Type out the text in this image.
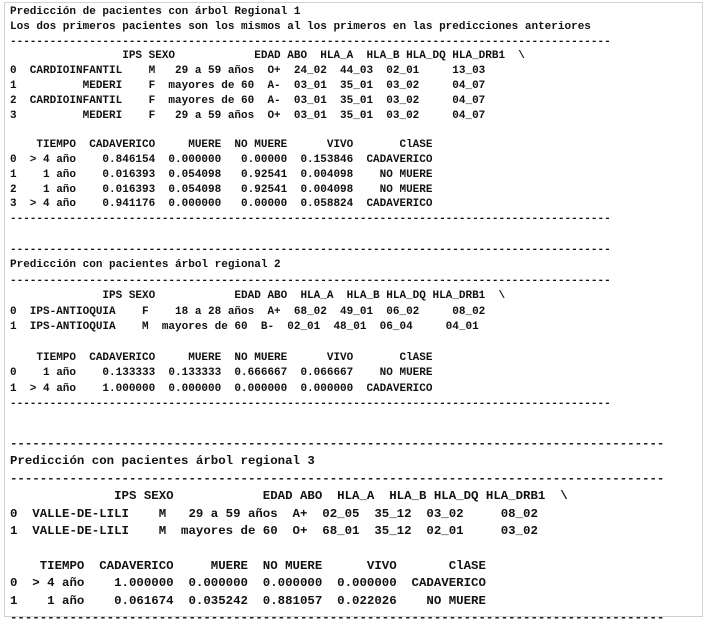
Predicción de pacientes con árbol Regional 1
Los dos primeros pacientes son los mismos al los primeros en las predicciones anteriores
-------------------------------------------------------------------------------------------
IPS SEXO            EDAD ABO  HLA_A  HLA_B HLA_DQ HLA_DRB1  \
0  CARDIOINFANTIL    M   29 a 59 años  O+  24_02  44_03  02_01     13_03
1          MEDERI    F  mayores de 60  A-  03_01  35_01  03_02     04_07
2  CARDIOINFANTIL    F  mayores de 60  A-  03_01  35_01  03_02     04_07
3          MEDERI    F   29 a 59 años  O+  03_01  35_01  03_02     04_07

TIEMPO  CADAVERICO     MUERE  NO MUERE      VIVO       ClASE
0  > 4 año    0.846154  0.000000   0.00000  0.153846  CADAVERICO
1    1 año    0.016393  0.054098   0.92541  0.004098    NO MUERE
2    1 año    0.016393  0.054098   0.92541  0.004098    NO MUERE
3  > 4 año    0.941176  0.000000   0.00000  0.058824  CADAVERICO
-------------------------------------------------------------------------------------------
-------------------------------------------------------------------------------------------
Predicción con pacientes árbol regional 2
-------------------------------------------------------------------------------------------
IPS SEXO            EDAD ABO  HLA_A  HLA_B HLA_DQ HLA_DRB1  \
0  IPS-ANTIOQUIA    F    18 a 28 años  A+  68_02  49_01  06_02     08_02
1  IPS-ANTIOQUIA    M  mayores de 60  B-  02_01  48_01  06_04     04_01

TIEMPO  CADAVERICO     MUERE  NO MUERE      VIVO       ClASE
0    1 año    0.133333  0.133333  0.666667  0.066667    NO MUERE
1  > 4 año    1.000000  0.000000  0.000000  0.000000  CADAVERICO
-------------------------------------------------------------------------------------------
----------------------------------------------------------------------------------------
Predicción con pacientes árbol regional 3
----------------------------------------------------------------------------------------
IPS SEXO            EDAD ABO  HLA_A  HLA_B HLA_DQ HLA_DRB1  \
0  VALLE-DE-LILI    M   29 a 59 años  A+  02_05  35_12  03_02     08_02
1  VALLE-DE-LILI    M  mayores de 60  O+  68_01  35_12  02_01     03_02

TIEMPO  CADAVERICO     MUERE  NO MUERE      VIVO       ClASE
0  > 4 año    1.000000  0.000000  0.000000  0.000000  CADAVERICO
1    1 año    0.061674  0.035242  0.881057  0.022026    NO MUERE
----------------------------------------------------------------------------------------
